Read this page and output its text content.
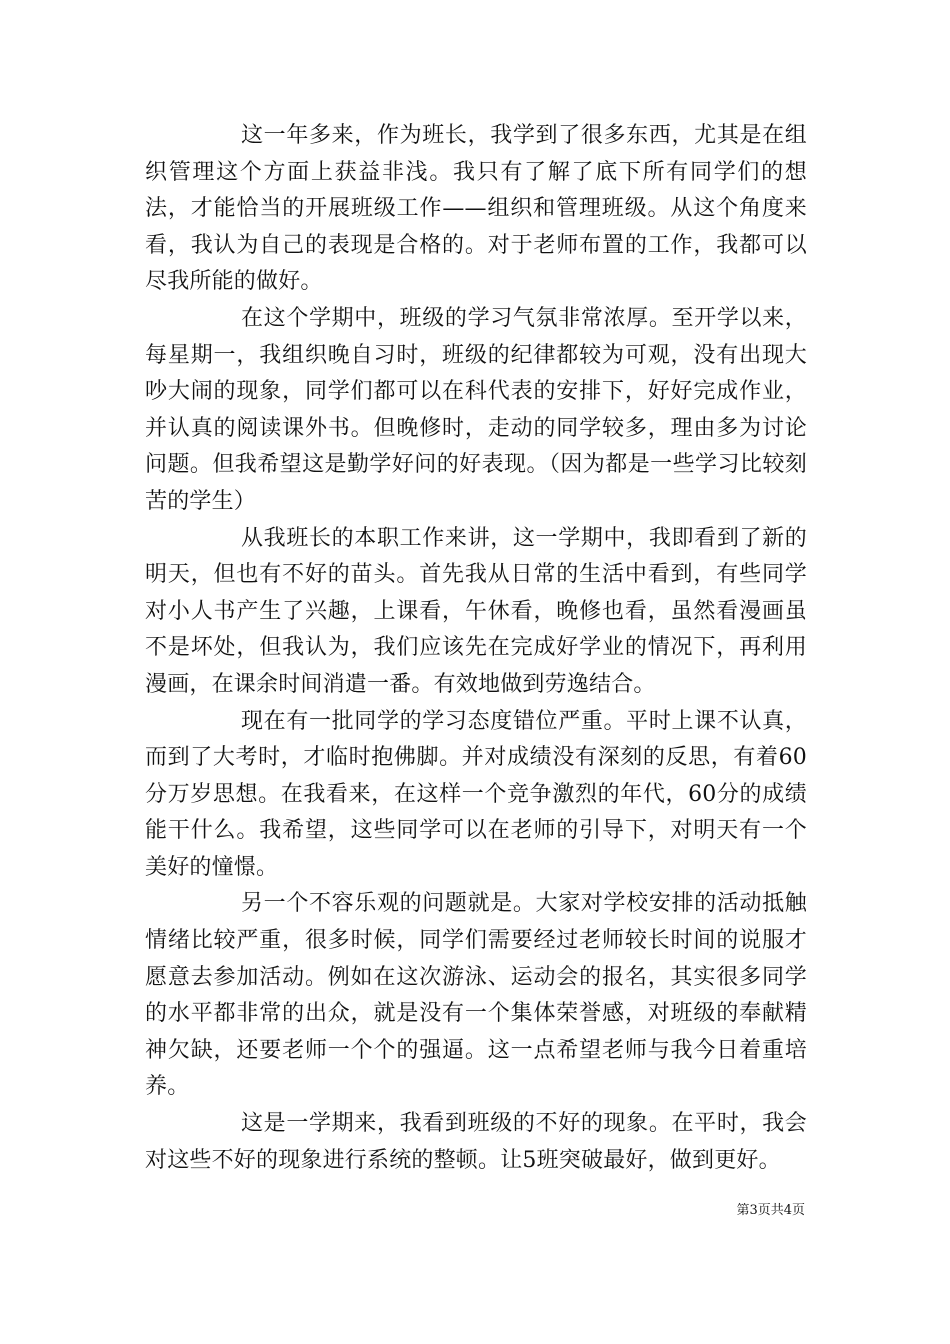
这一年多来，作为班长，我学到了很多东西，尤其是在组织管理这个方面上获益非浅。我只有了解了底下所有同学们的想法，才能恰当的开展班级工作——组织和管理班级。从这个角度来看，我认为自己的表现是合格的。对于老师布置的工作，我都可以尽我所能的做好。

在这个学期中，班级的学习气氛非常浓厚。至开学以来，每星期一，我组织晚自习时，班级的纪律都较为可观，没有出现大吵大闹的现象，同学们都可以在科代表的安排下，好好完成作业，并认真的阅读课外书。但晚修时，走动的同学较多，理由多为讨论问题。但我希望这是勤学好问的好表现。（因为都是一些学习比较刻苦的学生）

从我班长的本职工作来讲，这一学期中，我即看到了新的明天，但也有不好的苗头。首先我从日常的生活中看到，有些同学对小人书产生了兴趣，上课看，午休看，晚修也看，虽然看漫画虽不是坏处，但我认为，我们应该先在完成好学业的情况下，再利用漫画，在课余时间消遣一番。有效地做到劳逸结合。

现在有一批同学的学习态度错位严重。平时上课不认真，而到了大考时，才临时抱佛脚。并对成绩没有深刻的反思，有着60分万岁思想。在我看来，在这样一个竞争激烈的年代，60分的成绩能干什么。我希望，这些同学可以在老师的引导下，对明天有一个美好的憧憬。

另一个不容乐观的问题就是。大家对学校安排的活动抵触情绪比较严重，很多时候，同学们需要经过老师较长时间的说服才愿意去参加活动。例如在这次游泳、运动会的报名，其实很多同学的水平都非常的出众，就是没有一个集体荣誉感，对班级的奉献精神欠缺，还要老师一个个的强逼。这一点希望老师与我今日着重培养。

这是一学期来，我看到班级的不好的现象。在平时，我会对这些不好的现象进行系统的整顿。让5班突破最好，做到更好。

第3页共4页
